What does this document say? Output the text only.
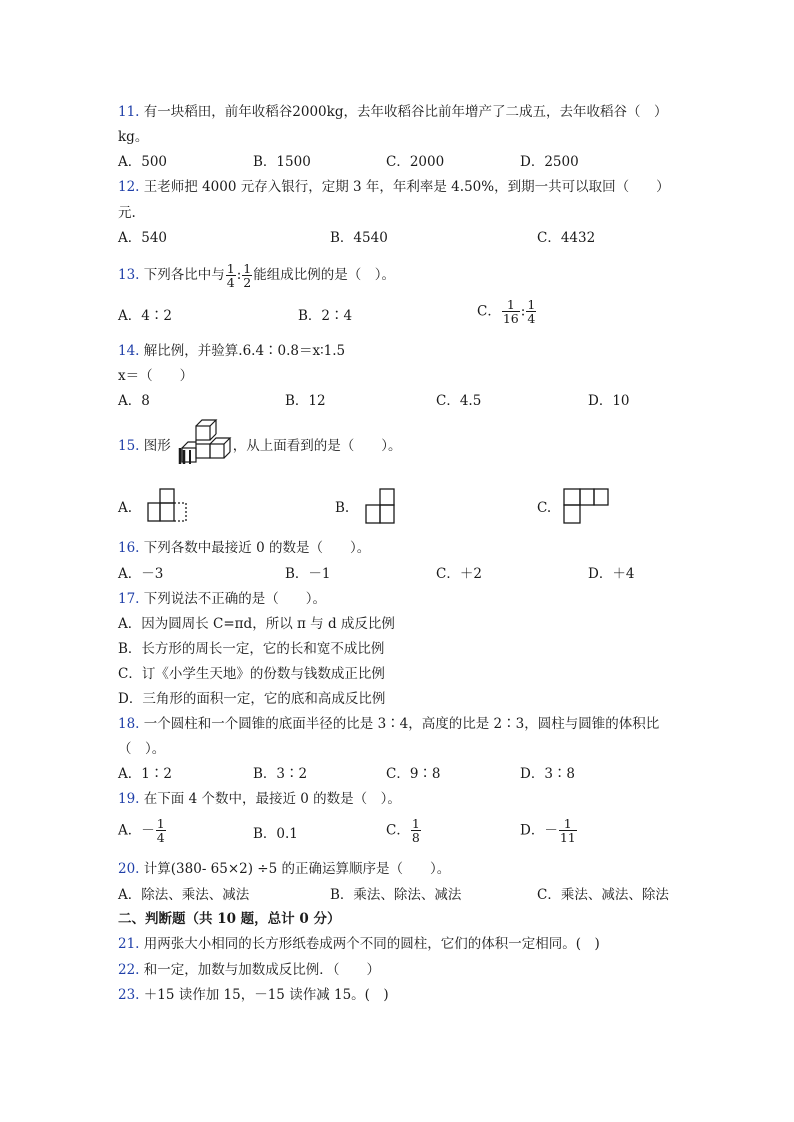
11. 有一块稻田，前年收稻谷2000kg，去年收稻谷比前年增产了二成五，去年收稻谷（　）
kg。
A．500	B．1500	C．2000	D．2500
12. 王老师把 4000 元存入银行，定期 3 年，年利率是 4.50%，到期一共可以取回（　　）
元.
A．540	B．4540	C．4432
13. 下列各比中与 $\frac{1}{4}$ : $\frac{1}{2}$ 能组成比例的是（　）。
A．4∶2	B．2∶4	C． $\frac{1}{16}$ : $\frac{1}{4}$
14. 解比例，并验算.6.4∶0.8＝x∶1.5
x＝（　　）
A．8	B．12	C．4.5	D．10
15. 图形	，从上面看到的是（　　）。
A.	B.	C.
16. 下列各数中最接近 0 的数是（　　）。
A．－3	B．－1	C．＋2	D．＋4
17. 下列说法不正确的是（　　）。
A．因为圆周长 C=πd，所以 π 与 d 成反比例
B．长方形的周长一定，它的长和宽不成比例
C．订《小学生天地》的份数与钱数成正比例
D．三角形的面积一定，它的底和高成反比例
18. 一个圆柱和一个圆锥的底面半径的比是 3∶4，高度的比是 2∶3，圆柱与圆锥的体积比
（　）。
A．1∶2	B．3∶2	C．9∶8	D．3∶8
19. 在下面 4 个数中，最接近 0 的数是（　）。
A．－ $\frac{1}{4}$	B．0.1	C． $\frac{1}{8}$	D．－ $\frac{1}{11}$
20. 计算(380- 65×2) ÷5 的正确运算顺序是（　　）。
A．除法、乘法、减法	B．乘法、除法、减法	C．乘法、减法、除法
二、判断题（共 10 题，总计 0 分）
21. 用两张大小相同的长方形纸卷成两个不同的圆柱，它们的体积一定相同。(　)
22. 和一定，加数与加数成反比例．（　　）
23. ＋15 读作加 15，－15 读作减 15。(　)
